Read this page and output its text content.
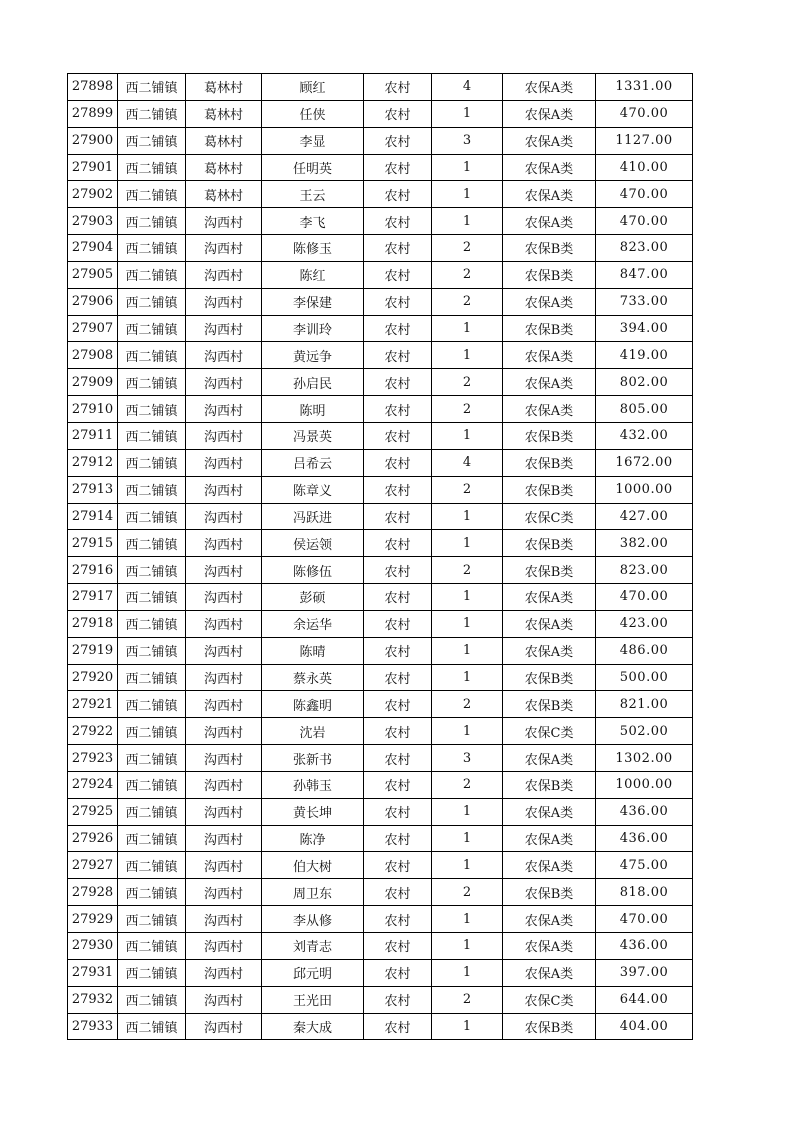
27898	西二铺镇	葛林村	顾红	农村	4	农保A类	1331.00
27899	西二铺镇	葛林村	任侠	农村	1	农保A类	470.00
27900	西二铺镇	葛林村	李显	农村	3	农保A类	1127.00
27901	西二铺镇	葛林村	任明英	农村	1	农保A类	410.00
27902	西二铺镇	葛林村	王云	农村	1	农保A类	470.00
27903	西二铺镇	沟西村	李飞	农村	1	农保A类	470.00
27904	西二铺镇	沟西村	陈修玉	农村	2	农保B类	823.00
27905	西二铺镇	沟西村	陈红	农村	2	农保B类	847.00
27906	西二铺镇	沟西村	李保建	农村	2	农保A类	733.00
27907	西二铺镇	沟西村	李训玲	农村	1	农保B类	394.00
27908	西二铺镇	沟西村	黄远争	农村	1	农保A类	419.00
27909	西二铺镇	沟西村	孙启民	农村	2	农保A类	802.00
27910	西二铺镇	沟西村	陈明	农村	2	农保A类	805.00
27911	西二铺镇	沟西村	冯景英	农村	1	农保B类	432.00
27912	西二铺镇	沟西村	吕希云	农村	4	农保B类	1672.00
27913	西二铺镇	沟西村	陈章义	农村	2	农保B类	1000.00
27914	西二铺镇	沟西村	冯跃进	农村	1	农保C类	427.00
27915	西二铺镇	沟西村	侯运领	农村	1	农保B类	382.00
27916	西二铺镇	沟西村	陈修伍	农村	2	农保B类	823.00
27917	西二铺镇	沟西村	彭硕	农村	1	农保A类	470.00
27918	西二铺镇	沟西村	余运华	农村	1	农保A类	423.00
27919	西二铺镇	沟西村	陈晴	农村	1	农保A类	486.00
27920	西二铺镇	沟西村	蔡永英	农村	1	农保B类	500.00
27921	西二铺镇	沟西村	陈鑫明	农村	2	农保B类	821.00
27922	西二铺镇	沟西村	沈岩	农村	1	农保C类	502.00
27923	西二铺镇	沟西村	张新书	农村	3	农保A类	1302.00
27924	西二铺镇	沟西村	孙韩玉	农村	2	农保B类	1000.00
27925	西二铺镇	沟西村	黄长坤	农村	1	农保A类	436.00
27926	西二铺镇	沟西村	陈净	农村	1	农保A类	436.00
27927	西二铺镇	沟西村	伯大树	农村	1	农保A类	475.00
27928	西二铺镇	沟西村	周卫东	农村	2	农保B类	818.00
27929	西二铺镇	沟西村	李从修	农村	1	农保A类	470.00
27930	西二铺镇	沟西村	刘青志	农村	1	农保A类	436.00
27931	西二铺镇	沟西村	邱元明	农村	1	农保A类	397.00
27932	西二铺镇	沟西村	王光田	农村	2	农保C类	644.00
27933	西二铺镇	沟西村	秦大成	农村	1	农保B类	404.00
